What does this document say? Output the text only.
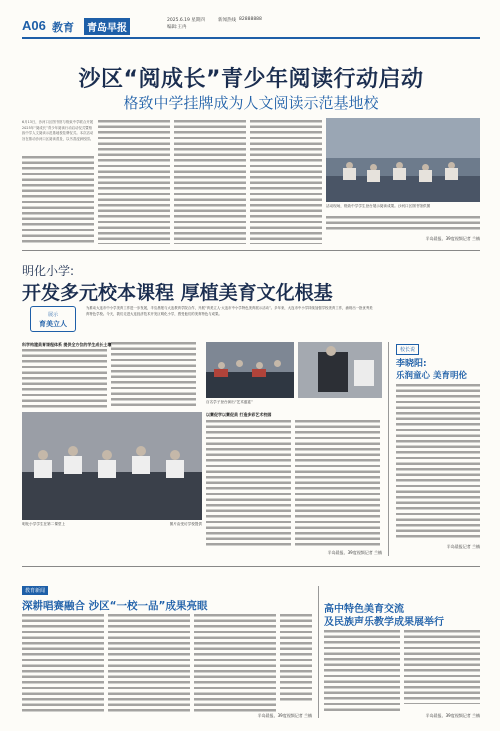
A06 教育	青岛早报
2025.6.19 星期四	新闻热线 82888888
编辑:王冉
沙区“阅成长”青少年阅读行动启动
格致中学挂牌成为人文阅读示范基地校
6月13日，沙河口区图书馆与格致中学联合开展2025年“阅成长”青少年阅读行动启动仪式暨格致中学人文阅读示范基地校挂牌仪式。本次活动旨在推动沙河口区阅读普及，以书香浸润校园。
活动现场，格致中学学生登台展示阅读成果。沙河口区图书馆供图
半岛晨报、39度视频记者 兰楠
明化小学:
开发多元校本课程 厚植美育文化根基
展示
育美立人
为推动大连市中小学美育工作进一步发展，半岛晨报与大连教育学院合作，开展“育美立人·大连市中小学特色美育展示活动”。多年来，大连市中小学持续加强学校美育工作，涌现出一批优秀美育特色学校。今天，我们走进大连经济技术开发区明化小学，感受他们的美育特色与成果。
科学构建美育课程体系 提供全方位的学生成长土壤
百名学子登台演出“艺术盛宴”
以赛促学以赛促美 打造多彩艺术校园
明化小学学生在第二课堂上	图片由受访学校提供
半岛晨报、39度视频记者 兰楠
校长说
李晓阳:
乐润童心 美育明伦
半岛晨报记者 兰楠
教育新闻
深耕唱赛融合 沙区“一校一品”成果亮眼
半岛晨报、39度视频记者 兰楠
高中特色美育交流
及民族声乐教学成果展举行
半岛晨报、39度视频记者 兰楠
